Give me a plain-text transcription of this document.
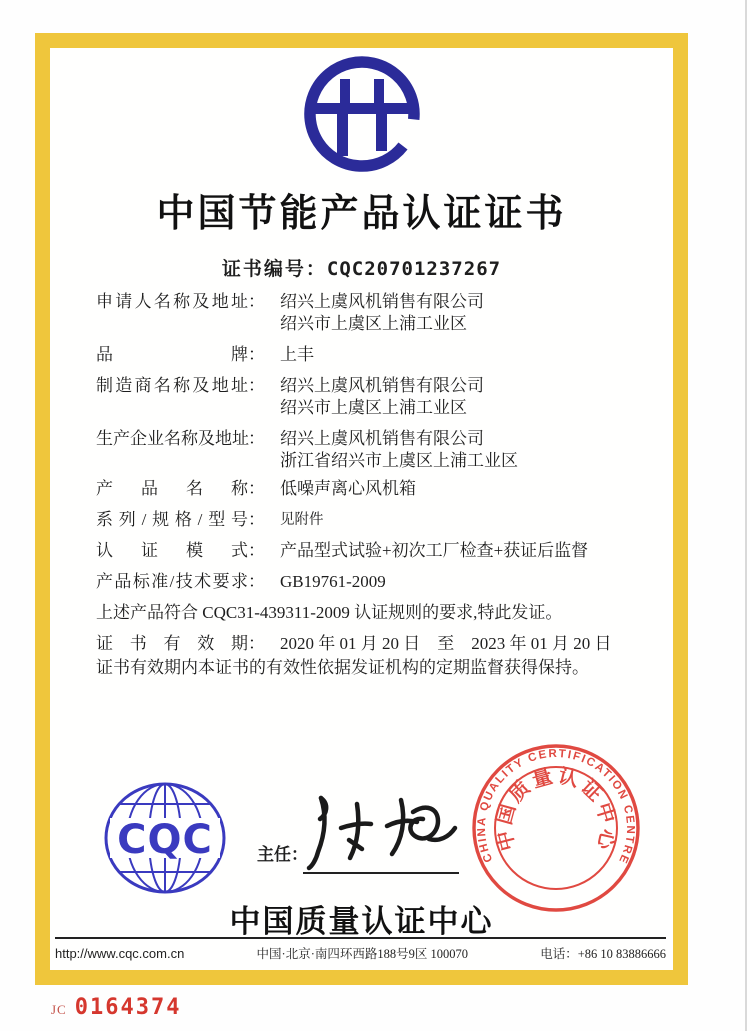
中国节能产品认证证书
证书编号：CQC20701237267
申请人名称及地址： 绍兴上虞风机销售有限公司
绍兴市上虞区上浦工业区
品牌： 上丰
制造商名称及地址： 绍兴上虞风机销售有限公司
绍兴市上虞区上浦工业区
生产企业名称及地址： 绍兴上虞风机销售有限公司
浙江省绍兴市上虞区上浦工业区
产品名称： 低噪声离心风机箱
系列/规格/型号：	见附件
认证模式： 产品型式试验+初次工厂检查+获证后监督
产品标准/技术要求： GB19761-2009
上述产品符合 CQC31-439311-2009 认证规则的要求,特此发证。
证书有效期： 2020 年 01 月 20 日　至　2023 年 01 月 20 日
证书有效期内本证书的有效性依据发证机构的定期监督获得保持。
CQC	主任：	CHINA QUALITY CERTIFICATION CENTRE
中国质量认证中心
中国质量认证中心
http://www.cqc.com.cn	中国·北京·南四环西路188号9区 100070	电话：+86 10 83886666
JC 0164374
